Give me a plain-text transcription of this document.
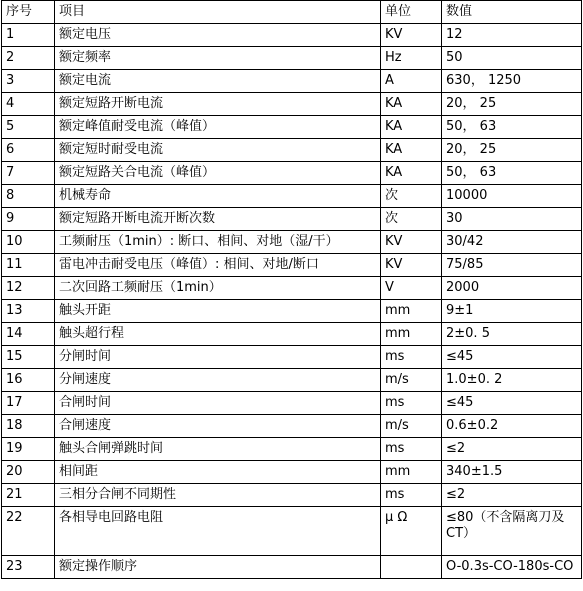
序号	项目	单位	数值
1	额定电压	KV	12
2	额定频率	Hz	50
3	额定电流	A	630， 1250
4	额定短路开断电流	KA	20， 25
5	额定峰值耐受电流（峰值）	KA	50， 63
6	额定短时耐受电流	KA	20， 25
7	额定短路关合电流（峰值）	KA	50， 63
8	机械寿命	次	10000
9	额定短路开断电流开断次数	次	30
10	工频耐压（1min）: 断口、相间、对地（湿/干）	KV	30/42
11	雷电冲击耐受电压（峰值）: 相间、对地/断口	KV	75/85
12	二次回路工频耐压（1min）	V	2000
13	触头开距	mm	9±1
14	触头超行程	mm	2±0. 5
15	分闸时间	ms	≤45
16	分闸速度	m/s	1.0±0. 2
17	合闸时间	ms	≤45
18	合闸速度	m/s	0.6±0.2
19	触头合闸弹跳时间	ms	≤2
20	相间距	mm	340±1.5
21	三相分合闸不同期性	ms	≤2
22	各相导电回路电阻	μ Ω	≤80（不含隔离刀及 CT）
23	额定操作顺序		O-0.3s-CO-180s-CO
